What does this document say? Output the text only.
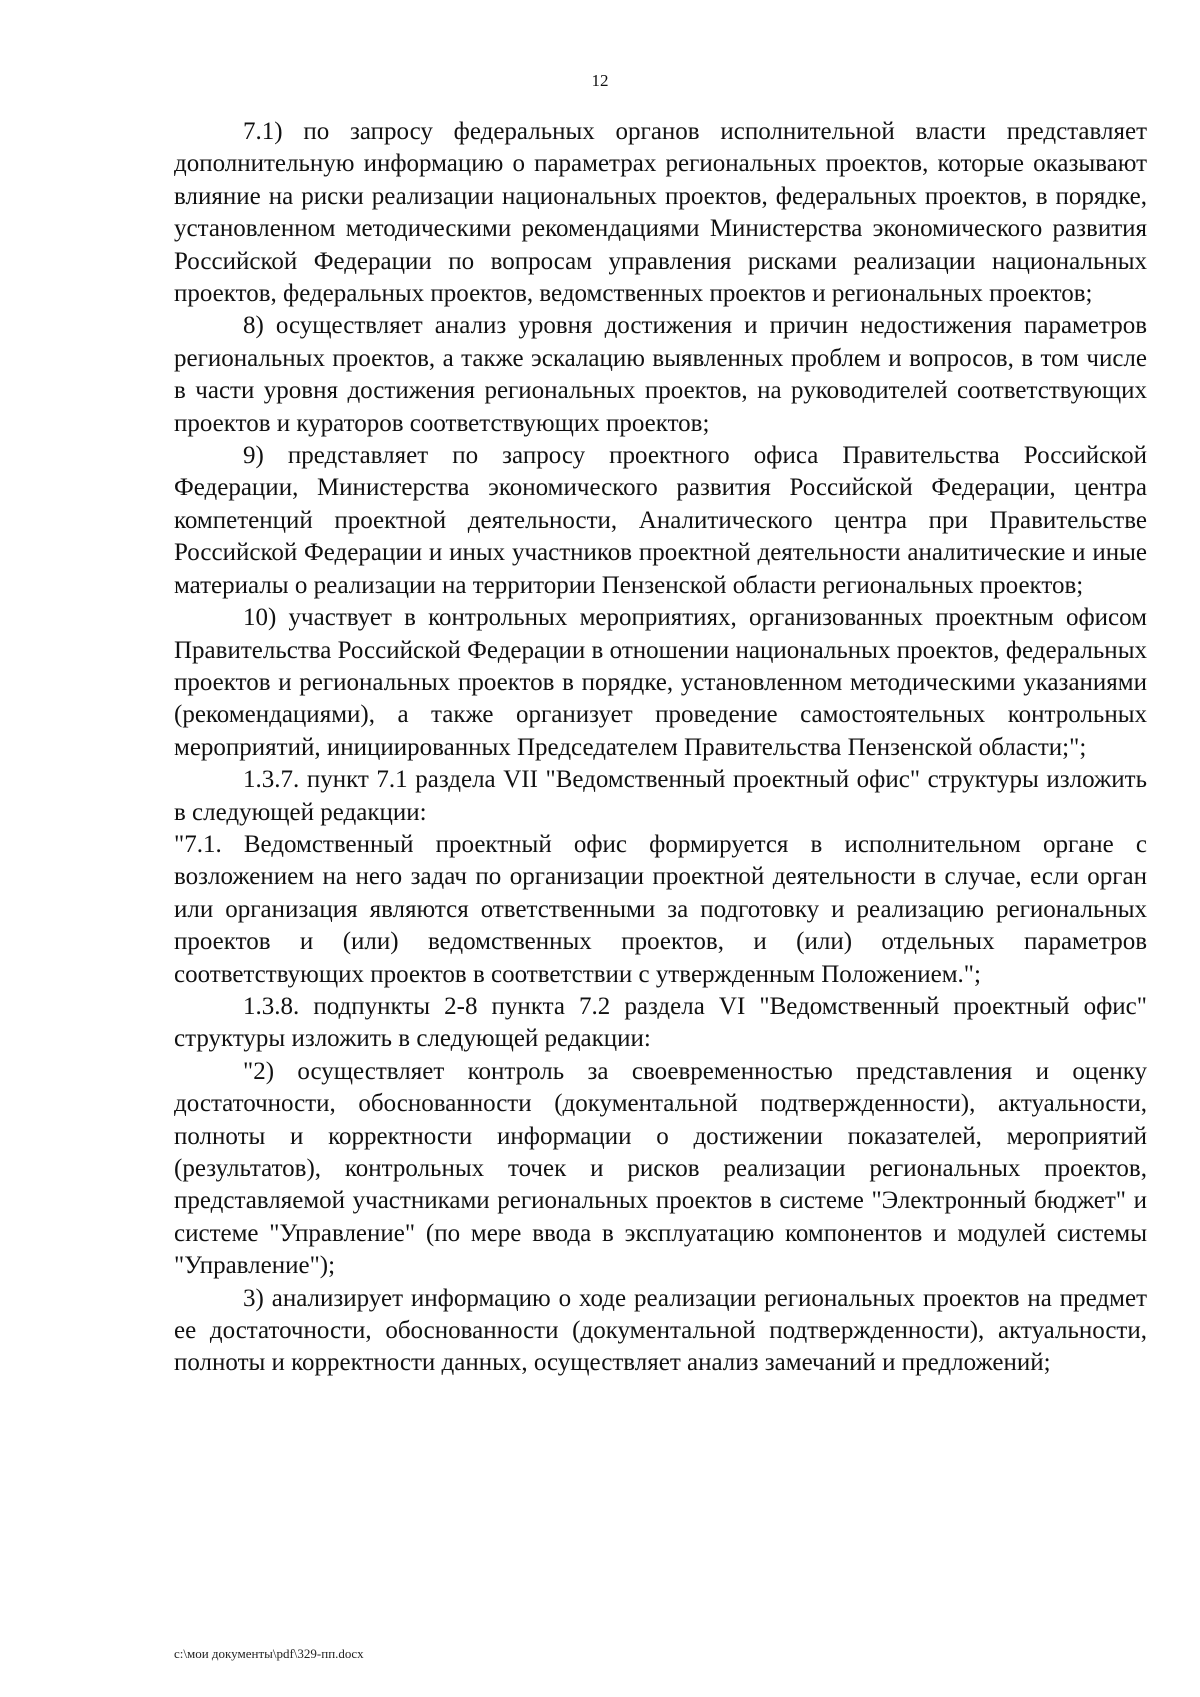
12

7.1) по запросу федеральных органов исполнительной власти представляет дополнительную информацию о параметрах региональных проектов, которые оказывают влияние на риски реализации национальных проектов, федеральных проектов, в порядке, установленном методическими рекомендациями Министерства экономического развития Российской Федерации по вопросам управления рисками реализации национальных проектов, федеральных проектов, ведомственных проектов и региональных проектов;

8) осуществляет анализ уровня достижения и причин недостижения параметров региональных проектов, а также эскалацию выявленных проблем и вопросов, в том числе в части уровня достижения региональных проектов, на руководителей соответствующих проектов и кураторов соответствующих проектов;

9) представляет по запросу проектного офиса Правительства Российской Федерации, Министерства экономического развития Российской Федерации, центра компетенций проектной деятельности, Аналитического центра при Правительстве Российской Федерации и иных участников проектной деятельности аналитические и иные материалы о реализации на территории Пензенской области региональных проектов;

10) участвует в контрольных мероприятиях, организованных проектным офисом Правительства Российской Федерации в отношении национальных проектов, федеральных проектов и региональных проектов в порядке, установленном методическими указаниями (рекомендациями), а также организует проведение самостоятельных контрольных мероприятий, инициированных Председателем Правительства Пензенской области;";

1.3.7. пункт 7.1 раздела VII "Ведомственный проектный офис" структуры изложить в следующей редакции:

"7.1. Ведомственный проектный офис формируется в исполнительном органе с возложением на него задач по организации проектной деятельности в случае, если орган или организация являются ответственными за подготовку и реализацию региональных проектов и (или) ведомственных проектов, и (или) отдельных параметров соответствующих проектов в соответствии с утвержденным Положением.";

1.3.8. подпункты 2-8 пункта 7.2 раздела VI "Ведомственный проектный офис" структуры изложить в следующей редакции:

"2) осуществляет контроль за своевременностью представления и оценку достаточности, обоснованности (документальной подтвержденности), актуальности, полноты и корректности информации о достижении показателей, мероприятий (результатов), контрольных точек и рисков реализации региональных проектов, представляемой участниками региональных проектов в системе "Электронный бюджет" и системе "Управление" (по мере ввода в эксплуатацию компонентов и модулей системы "Управление");

3) анализирует информацию о ходе реализации региональных проектов на предмет ее достаточности, обоснованности (документальной подтвержденности), актуальности, полноты и корректности данных, осуществляет анализ замечаний и предложений;

c:\мои документы\pdf\329-пп.docx
